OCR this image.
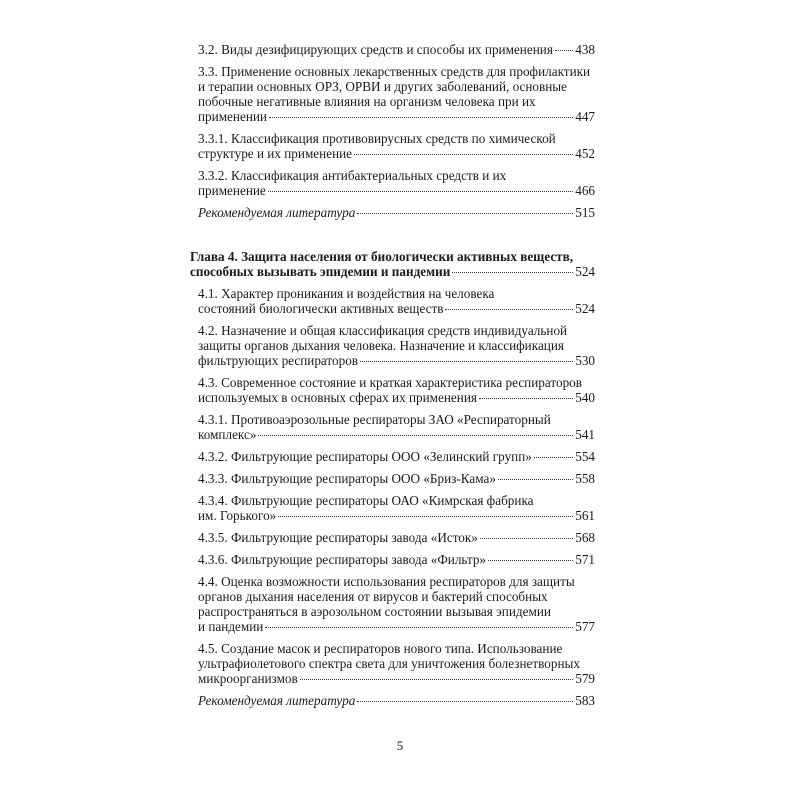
3.2. Виды дезифицирующих средств и способы их применения 438
3.3. Применение основных лекарственных средств для профилактики
и терапии основных ОРЗ, ОРВИ и других заболеваний, основные
побочные негативные влияния на организм человека при их
применении	447
3.3.1. Классификация противовирусных средств по химической
структуре и их применение	452
3.3.2. Классификация антибактериальных средств и их
применение	466
Рекомендуемая литература	515
Глава 4. Защита населения от биологически активных веществ,
способных вызывать эпидемии и пандемии	524
4.1. Характер проникания и воздействия на человека
состояний биологически активных веществ	524
4.2. Назначение и общая классификация средств индивидуальной
защиты органов дыхания человека. Назначение и классификация
фильтрующих респираторов	530
4.3. Современное состояние и краткая характеристика респираторов
используемых в основных сферах их применения	540
4.3.1. Противоаэрозольные респираторы ЗАО «Респираторный
комплекс»	541
4.3.2. Фильтрующие респираторы ООО «Зелинский групп»	554
4.3.3. Фильтрующие респираторы ООО «Бриз-Кама»	558
4.3.4. Фильтрующие респираторы ОАО «Кимрская фабрика
им. Горького»	561
4.3.5. Фильтрующие респираторы завода «Исток»	568
4.3.6. Фильтрующие респираторы завода «Фильтр»	571
4.4. Оценка возможности использования респираторов для защиты
органов дыхания населения от вирусов и бактерий способных
распространяться в аэрозольном состоянии вызывая эпидемии
и пандемии	577
4.5. Создание масок и респираторов нового типа. Использование
ультрафиолетового спектра света для уничтожения болезнетворных
микроорганизмов	579
Рекомендуемая литература	583
5
